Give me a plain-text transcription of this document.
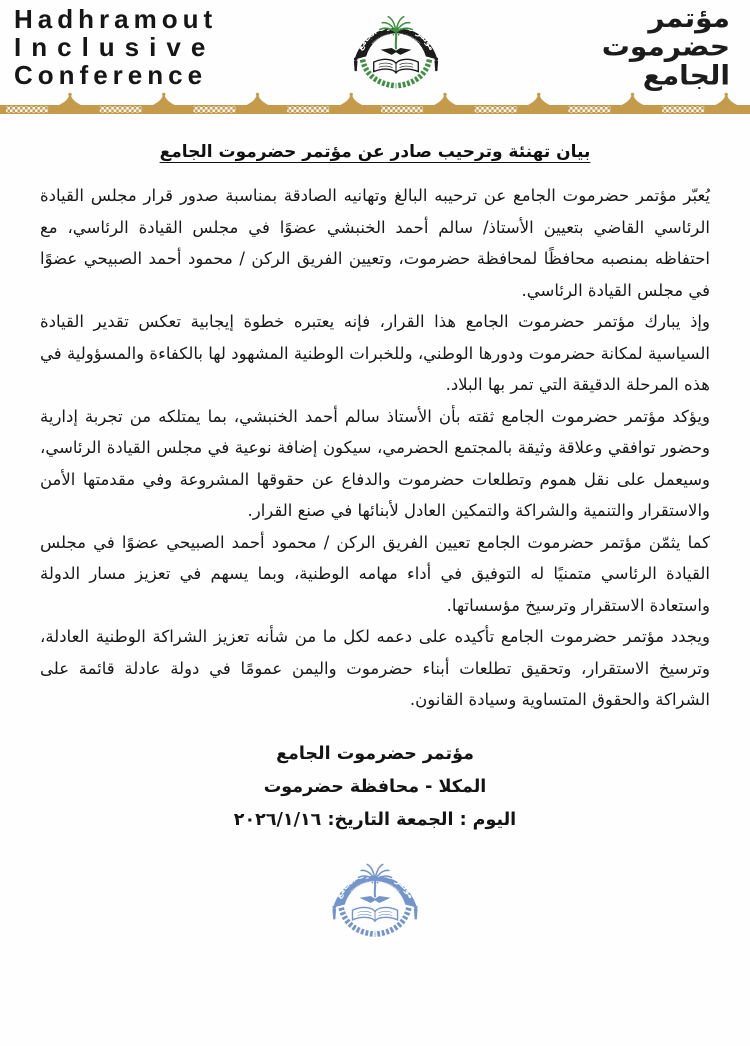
Hadhramout
Inclusive
Conference
مؤتمر
حضرموت
الجامع
بيان تهنئة وترحيب صادر عن مؤتمر حضرموت الجامع

يُعبّر مؤتمر حضرموت الجامع عن ترحيبه البالغ وتهانيه الصادقة بمناسبة صدور قرار مجلس القيادة الرئاسي القاضي بتعيين الأستاذ/ سالم أحمد الخنبشي عضوًا في مجلس القيادة الرئاسي، مع احتفاظه بمنصبه محافظًا لمحافظة حضرموت، وتعيين الفريق الركن / محمود أحمد الصبيحي عضوًا في مجلس القيادة الرئاسي.

وإذ يبارك مؤتمر حضرموت الجامع هذا القرار، فإنه يعتبره خطوة إيجابية تعكس تقدير القيادة السياسية لمكانة حضرموت ودورها الوطني، وللخبرات الوطنية المشهود لها بالكفاءة والمسؤولية في هذه المرحلة الدقيقة التي تمر بها البلاد.

ويؤكد مؤتمر حضرموت الجامع ثقته بأن الأستاذ سالم أحمد الخنبشي، بما يمتلكه من تجربة إدارية وحضور توافقي وعلاقة وثيقة بالمجتمع الحضرمي، سيكون إضافة نوعية في مجلس القيادة الرئاسي، وسيعمل على نقل هموم وتطلعات حضرموت والدفاع عن حقوقها المشروعة وفي مقدمتها الأمن والاستقرار والتنمية والشراكة والتمكين العادل لأبنائها في صنع القرار.

كما يثمّن مؤتمر حضرموت الجامع تعيين الفريق الركن / محمود أحمد الصبيحي عضوًا في مجلس القيادة الرئاسي متمنيًا له التوفيق في أداء مهامه الوطنية، وبما يسهم في تعزيز مسار الدولة واستعادة الاستقرار وترسيخ مؤسساتها.

ويجدد مؤتمر حضرموت الجامع تأكيده على دعمه لكل ما من شأنه تعزيز الشراكة الوطنية العادلة، وترسيخ الاستقرار، وتحقيق تطلعات أبناء حضرموت واليمن عمومًا في دولة عادلة قائمة على الشراكة والحقوق المتساوية وسيادة القانون.

مؤتمر حضرموت الجامع
المكلا - محافظة حضرموت
اليوم : الجمعة التاريخ: ٢٠٢٦/١/١٦
